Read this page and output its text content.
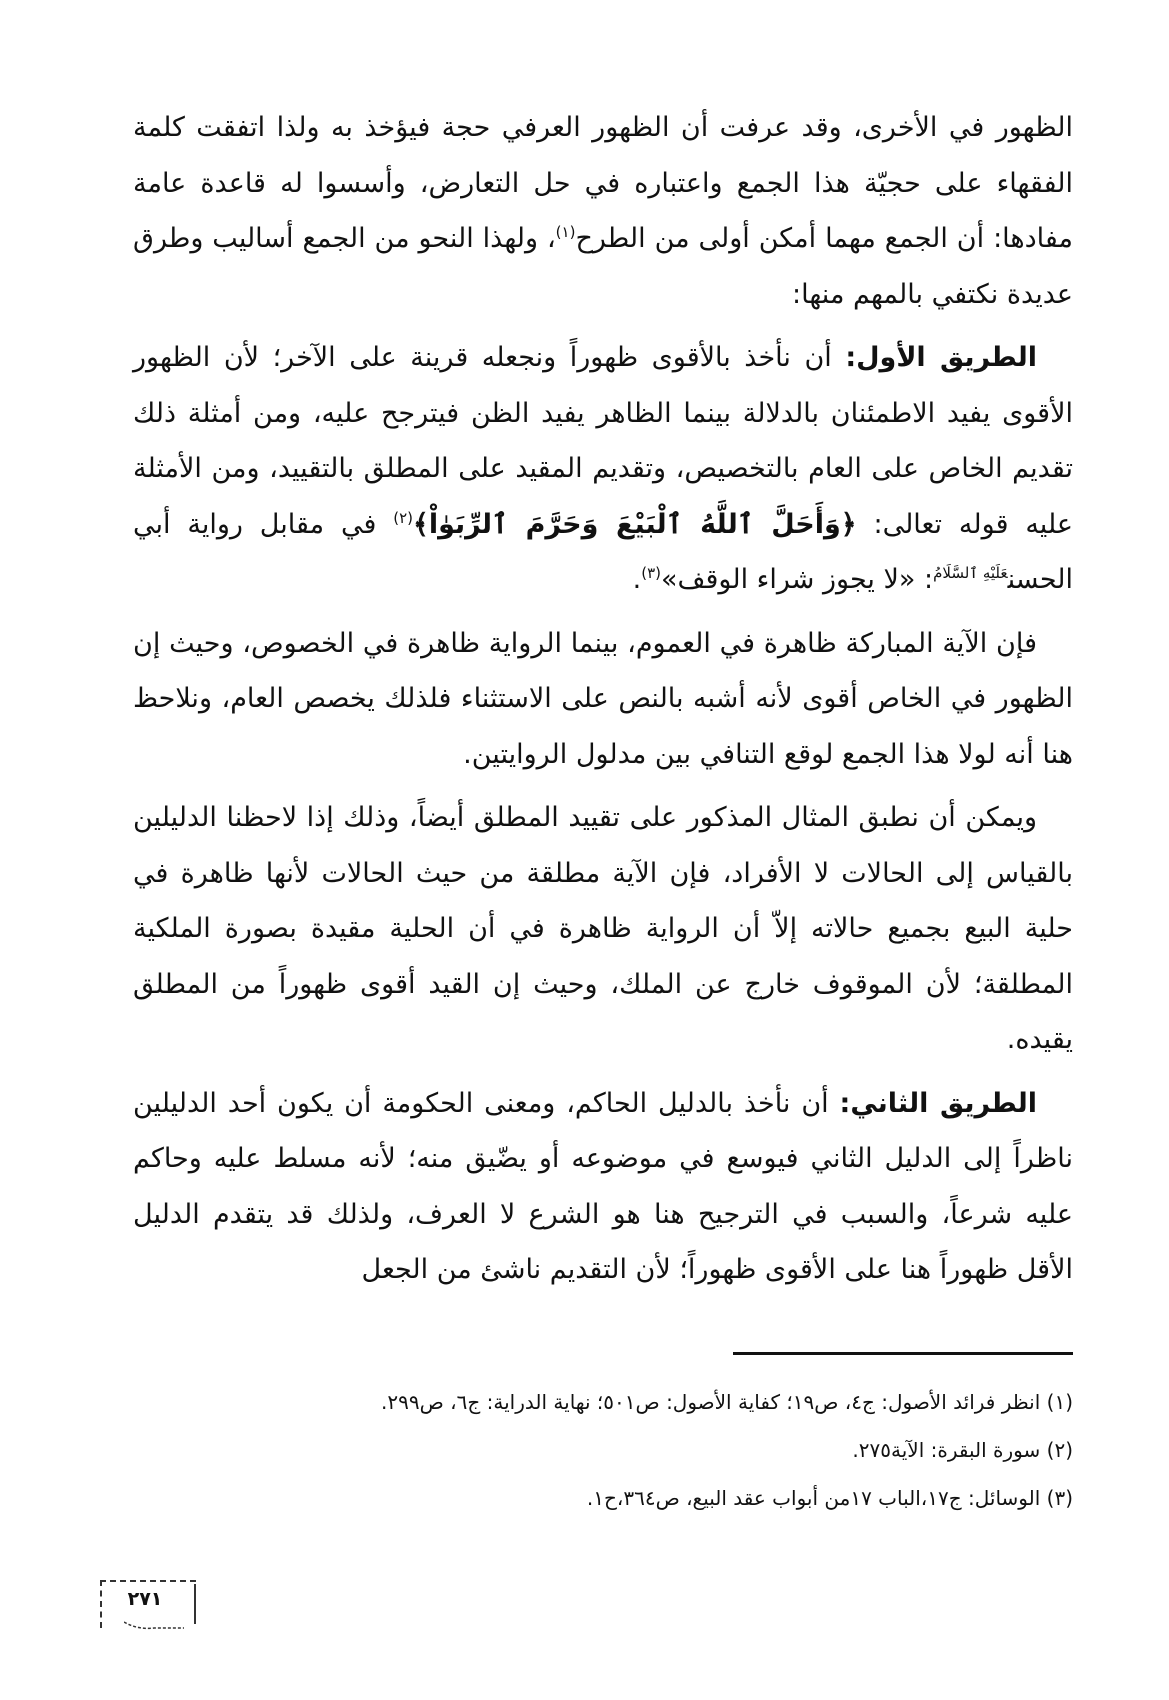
الظهور في الأخرى، وقد عرفت أن الظهور العرفي حجة فيؤخذ به ولذا اتفقت كلمة الفقهاء على حجيّة هذا الجمع واعتباره في حل التعارض، وأسسوا له قاعدة عامة مفادها: أن الجمع مهما أمكن أولى من الطرح$^{(١)}$، ولهذا النحو من الجمع أساليب وطرق عديدة نكتفي بالمهم منها:

الطريق الأول: أن نأخذ بالأقوى ظهوراً ونجعله قرينة على الآخر؛ لأن الظهور الأقوى يفيد الاطمئنان بالدلالة بينما الظاهر يفيد الظن فيترجح عليه، ومن أمثلة ذلك تقديم الخاص على العام بالتخصيص، وتقديم المقيد على المطلق بالتقييد، ومن الأمثلة عليه قوله تعالى: ﴿وَأَحَلَّ ٱللَّهُ ٱلْبَيْعَ وَحَرَّمَ ٱلرِّبَوٰاْ﴾$^{(٢)}$ في مقابل رواية أبي الحسن$^{عَلَيْهِ ٱلسَّلَامُ}$: «لا يجوز شراء الوقف»$^{(٣)}$.

فإن الآية المباركة ظاهرة في العموم، بينما الرواية ظاهرة في الخصوص، وحيث إن الظهور في الخاص أقوى لأنه أشبه بالنص على الاستثناء فلذلك يخصص العام، ونلاحظ هنا أنه لولا هذا الجمع لوقع التنافي بين مدلول الروايتين.

ويمكن أن نطبق المثال المذكور على تقييد المطلق أيضاً، وذلك إذا لاحظنا الدليلين بالقياس إلى الحالات لا الأفراد، فإن الآية مطلقة من حيث الحالات لأنها ظاهرة في حلية البيع بجميع حالاته إلاّ أن الرواية ظاهرة في أن الحلية مقيدة بصورة الملكية المطلقة؛ لأن الموقوف خارج عن الملك، وحيث إن القيد أقوى ظهوراً من المطلق يقيده.

الطريق الثاني: أن نأخذ بالدليل الحاكم، ومعنى الحكومة أن يكون أحد الدليلين ناظراً إلى الدليل الثاني فيوسع في موضوعه أو يضّيق منه؛ لأنه مسلط عليه وحاكم عليه شرعاً، والسبب في الترجيح هنا هو الشرع لا العرف، ولذلك قد يتقدم الدليل الأقل ظهوراً هنا على الأقوى ظهوراً؛ لأن التقديم ناشئ من الجعل

(١) انظر فرائد الأصول: ج٤، ص١٩؛ كفاية الأصول: ص٥٠١؛ نهاية الدراية: ج٦، ص٢٩٩.

(٢) سورة البقرة: الآية٢٧٥.

(٣) الوسائل: ج١٧،الباب ١٧من أبواب عقد البيع، ص٣٦٤،ح١.

٢٧١
